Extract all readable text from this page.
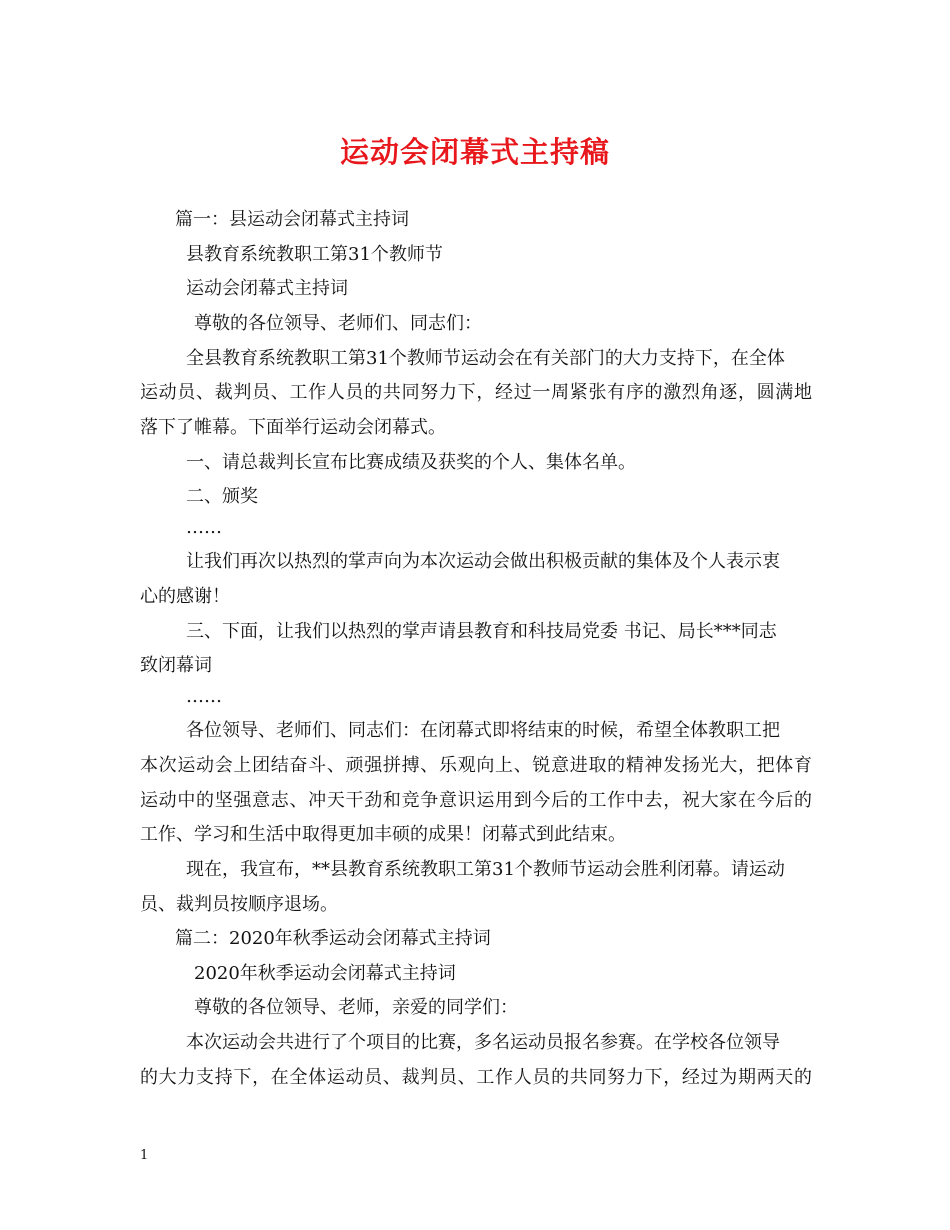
运动会闭幕式主持稿

篇一：县运动会闭幕式主持词

县教育系统教职工第31个教师节

运动会闭幕式主持词

尊敬的各位领导、老师们、同志们：

全县教育系统教职工第31个教师节运动会在有关部门的大力支持下，在全体

运动员、裁判员、工作人员的共同努力下，经过一周紧张有序的激烈角逐，圆满地

落下了帷幕。下面举行运动会闭幕式。

一、请总裁判长宣布比赛成绩及获奖的个人、集体名单。

二、颁奖

……

让我们再次以热烈的掌声向为本次运动会做出积极贡献的集体及个人表示衷

心的感谢！

三、下面，让我们以热烈的掌声请县教育和科技局党委 书记、局长***同志

致闭幕词

……

各位领导、老师们、同志们：在闭幕式即将结束的时候，希望全体教职工把

本次运动会上团结奋斗、顽强拼搏、乐观向上、锐意进取的精神发扬光大，把体育

运动中的坚强意志、冲天干劲和竞争意识运用到今后的工作中去，祝大家在今后的

工作、学习和生活中取得更加丰硕的成果！闭幕式到此结束。

现在，我宣布，**县教育系统教职工第31个教师节运动会胜利闭幕。请运动

员、裁判员按顺序退场。

篇二：2020年秋季运动会闭幕式主持词

2020年秋季运动会闭幕式主持词

尊敬的各位领导、老师，亲爱的同学们：

本次运动会共进行了个项目的比赛，多名运动员报名参赛。在学校各位领导

的大力支持下，在全体运动员、裁判员、工作人员的共同努力下，经过为期两天的

1
